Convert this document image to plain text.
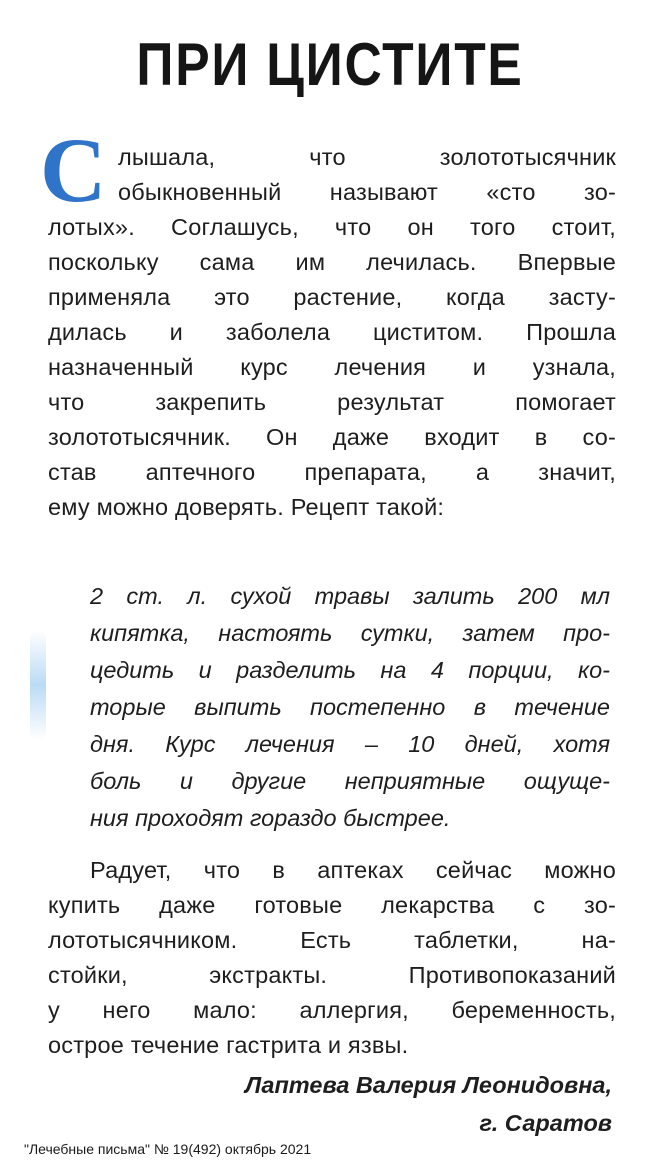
ПРИ ЦИСТИТЕ
С лышала, что золототысячник
обыкновенный называют «сто зо-
лотых». Соглашусь, что он того стоит,
поскольку сама им лечилась. Впервые
применяла это растение, когда засту-
дилась и заболела циститом. Прошла
назначенный курс лечения и узнала,
что закрепить результат помогает
золототысячник. Он даже входит в со-
став аптечного препарата, а значит,
ему можно доверять. Рецепт такой:
2 ст. л. сухой травы залить 200 мл
кипятка, настоять сутки, затем про-
цедить и разделить на 4 порции, ко-
торые выпить постепенно в течение
дня. Курс лечения – 10 дней, хотя
боль и другие неприятные ощуще-
ния проходят гораздо быстрее.
Радует, что в аптеках сейчас можно
купить даже готовые лекарства с зо-
лототысячником. Есть таблетки, на-
стойки, экстракты. Противопоказаний
у него мало: аллергия, беременность,
острое течение гастрита и язвы.
Лаптева Валерия Леонидовна,
г. Саратов
"Лечебные письма" № 19(492) октябрь 2021
